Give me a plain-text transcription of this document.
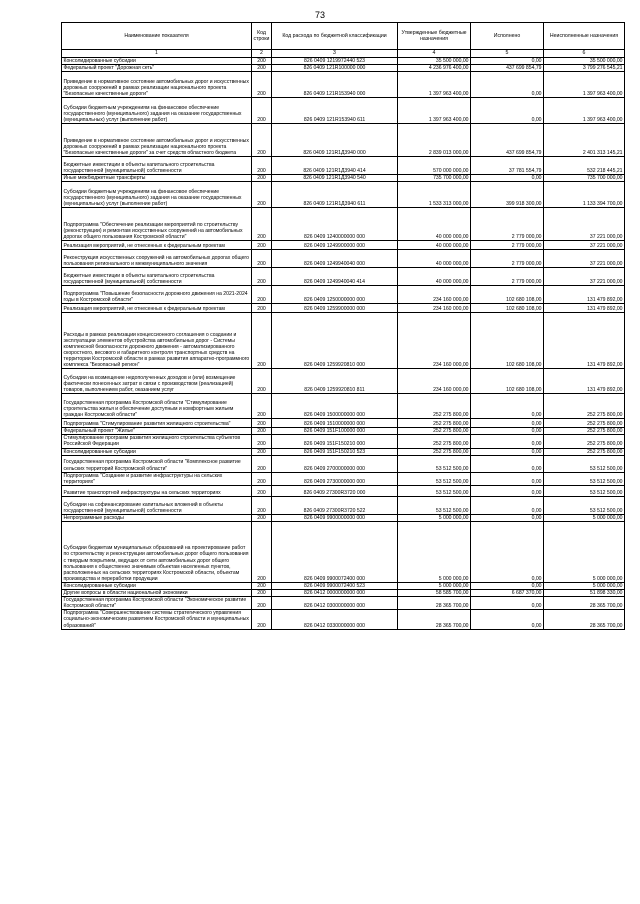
73
Наименование показателя	Код строки	Код расхода по бюджетной классификации	Утвержденные бюджетные назначения	Исполнено	Неисполненные назначения
1	2	3	4	5	6
Консолидированные субсидии	200	826 0409 1219972440 523	35 500 000,00	0,00	35 500 000,00
Федеральный проект "Дорожная сеть"	200	826 0409 121R100000 000	4 236 976 400,00	437 699 854,79	3 799 276 545,21
Приведение в нормативное состояние автомобильных дорог и искусственных дорожных сооружений в рамках реализации национального проекта "Безопасные качественные дороги"	200	826 0409 121R153940 000	1 397 963 400,00	0,00	1 397 963 400,00
Субсидии бюджетным учреждениям на финансовое обеспечение государственного (муниципального) задания на оказание государственных (муниципальных) услуг (выполнение работ)	200	826 0409 121R153940 611	1 397 963 400,00	0,00	1 397 963 400,00
Приведение в нормативное состояние автомобильных дорог и искусственных дорожных сооружений в рамках реализации национального проекта "Безопасные качественные дороги" за счет средств областного бюджета	200	826 0409 121R1Д3940 000	2 839 013 000,00	437 699 854,79	2 401 313 145,21
Бюджетные инвестиции в объекты капитального строительства государственной (муниципальной) собственности	200	826 0409 121R1Д3940 414	570 000 000,00	37 781 554,79	532 218 445,21
Иные межбюджетные трансферты	200	826 0409 121R1Д3940 540	735 700 000,00	0,00	735 700 000,00
Субсидии бюджетным учреждениям на финансовое обеспечение государственного (муниципального) задания на оказание государственных (муниципальных) услуг (выполнение работ)	200	826 0409 121R1Д3940 611	1 533 313 000,00	399 918 300,00	1 133 394 700,00
Подпрограмма "Обеспечение реализации мероприятий по строительству (реконструкции) и ремонтам искусственных сооружений на автомобильных дорогах общего пользования Костромской области"	200	826 0409 1240000000 000	40 000 000,00	2 779 000,00	37 221 000,00
Реализация мероприятий, не отнесенных к федеральным проектам	200	826 0409 1249900000 000	40 000 000,00	2 779 000,00	37 221 000,00
Реконструкция искусственных сооружений на автомобильных дорогах общего пользования регионального и межмуниципального значения	200	826 0409 1249940040 000	40 000 000,00	2 779 000,00	37 221 000,00
Бюджетные инвестиции в объекты капитального строительства государственной (муниципальной) собственности	200	826 0409 1249940040 414	40 000 000,00	2 779 000,00	37 221 000,00
Подпрограмма "Повышение безопасности дорожного движения на 2021-2024 годы в Костромской области"	200	826 0409 1250000000 000	234 160 000,00	102 680 108,00	131 479 892,00
Реализация мероприятий, не отнесенных к федеральным проектам	200	826 0409 1259900000 000	234 160 000,00	102 680 108,00	131 479 892,00
Расходы в рамках реализации концессионного соглашения о создании и эксплуатации элементов обустройства автомобильных дорог - Системы комплексной безопасности дорожного движения - автоматизированного скоростного, весового и габаритного контроля транспортных средств на территории Костромской области в рамках развития аппаратно-программного комплекса "Безопасный регион"	200	826 0409 1259920810 000	234 160 000,00	102 680 108,00	131 479 892,00
Субсидии на возмещение недополученных доходов и (или) возмещение фактически понесенных затрат в связи с производством (реализацией) товаров, выполнением работ, оказанием услуг	200	826 0409 1259920810 811	234 160 000,00	102 680 108,00	131 479 892,00
Государственная программа Костромской области "Стимулирование строительства жилья и обеспечение доступным и комфортным жильем граждан Костромской области"	200	826 0409 1500000000 000	252 275 800,00	0,00	252 275 800,00
Подпрограмма "Стимулирование развития жилищного строительства"	200	826 0409 1510000000 000	252 275 800,00	0,00	252 275 800,00
Федеральный проект "Жилье"	200	826 0409 151F100000 000	252 275 800,00	0,00	252 275 800,00
Стимулирование программ развития жилищного строительства субъектов Российской Федерации	200	826 0409 151F150210 000	252 275 800,00	0,00	252 275 800,00
Консолидированные субсидии	200	826 0409 151F150210 523	252 275 800,00	0,00	252 275 800,00
Государственная программа Костромской области "Комплексное развитие сельских территорий Костромской области"	200	826 0409 2700000000 000	53 512 500,00	0,00	53 512 500,00
Подпрограмма "Создание и развитие инфраструктуры на сельских территориях"	200	826 0409 2730000000 000	53 512 500,00	0,00	53 512 500,00
Развитие транспортной инфраструктуры на сельских территориях	200	826 0409 27300R3720 000	53 512 500,00	0,00	53 512 500,00
Субсидии на софинансирование капитальных вложений в объекты государственной (муниципальной) собственности	200	826 0409 27300R3720 522	53 512 500,00	0,00	53 512 500,00
Непрограммные расходы	200	826 0409 9900000000 000	5 000 000,00	0,00	5 000 000,00
Субсидии бюджетам муниципальных образований на проектирование работ по строительству и реконструкции автомобильных дорог общего пользования с твердым покрытием, ведущих от сети автомобильных дорог общего пользования к общественно значимым объектам населенных пунктов, расположенных на сельских территориях Костромской области, объектам производства и переработки продукции	200	826 0409 9900072400 000	5 000 000,00	0,00	5 000 000,00
Консолидированные субсидии	200	826 0409 9900072400 523	5 000 000,00	0,00	5 000 000,00
Другие вопросы в области национальной экономики	200	826 0412 0000000000 000	58 585 700,00	6 687 370,00	51 898 330,00
Государственная программа Костромской области "Экономическое развитие Костромской области"	200	826 0412 0300000000 000	28 365 700,00	0,00	28 365 700,00
Подпрограмма "Совершенствование системы стратегического управления социально-экономическим развитием Костромской области и муниципальных образований"	200	826 0412 0330000000 000	28 365 700,00	0,00	28 365 700,00
